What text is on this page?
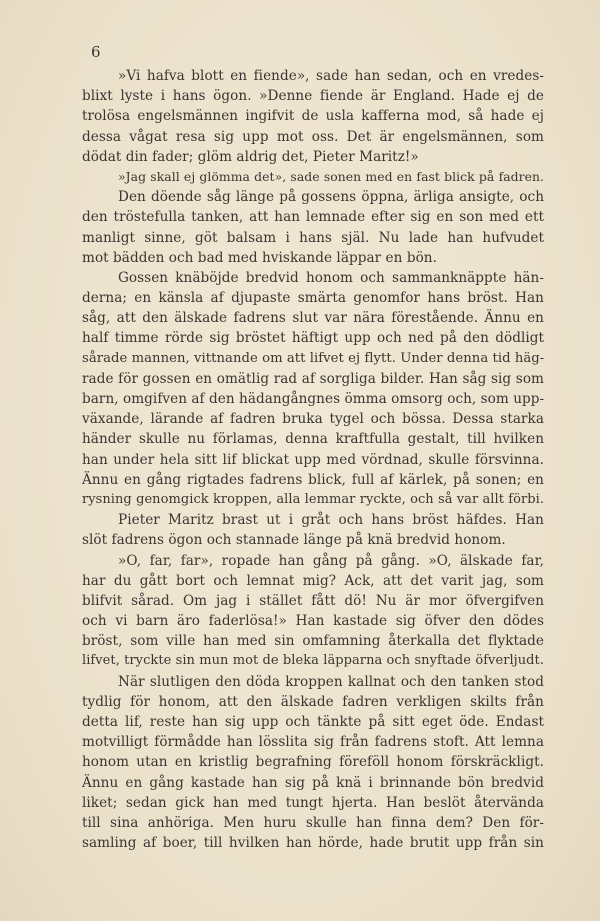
6
»Vi hafva blott en fiende», sade han sedan, och en vredes-
blixt lyste i hans ögon. »Denne fiende är England. Hade ej de
trolösa engelsmännen ingifvit de usla kafferna mod, så hade ej
dessa vågat resa sig upp mot oss. Det är engelsmännen, som
dödat din fader; glöm aldrig det, Pieter Maritz!»
»Jag skall ej glömma det», sade sonen med en fast blick på fadren.
Den döende såg länge på gossens öppna, ärliga ansigte, och
den tröstefulla tanken, att han lemnade efter sig en son med ett
manligt sinne, göt balsam i hans själ. Nu lade han hufvudet
mot bädden och bad med hviskande läppar en bön.
Gossen knäböjde bredvid honom och sammanknäppte hän-
derna; en känsla af djupaste smärta genomfor hans bröst. Han
såg, att den älskade fadrens slut var nära förestående. Ännu en
half timme rörde sig bröstet häftigt upp och ned på den dödligt
sårade mannen, vittnande om att lifvet ej flytt. Under denna tid häg-
rade för gossen en omätlig rad af sorgliga bilder. Han såg sig som
barn, omgifven af den hädangångnes ömma omsorg och, som upp-
växande, lärande af fadren bruka tygel och bössa. Dessa starka
händer skulle nu förlamas, denna kraftfulla gestalt, till hvilken
han under hela sitt lif blickat upp med vördnad, skulle försvinna.
Ännu en gång rigtades fadrens blick, full af kärlek, på sonen; en
rysning genomgick kroppen, alla lemmar ryckte, och så var allt förbi.
Pieter Maritz brast ut i gråt och hans bröst häfdes. Han
slöt fadrens ögon och stannade länge på knä bredvid honom.
»O, far, far», ropade han gång på gång. »O, älskade far,
har du gått bort och lemnat mig? Ack, att det varit jag, som
blifvit sårad. Om jag i stället fått dö! Nu är mor öfvergifven
och vi barn äro faderlösa!» Han kastade sig öfver den dödes
bröst, som ville han med sin omfamning återkalla det flyktade
lifvet, tryckte sin mun mot de bleka läpparna och snyftade öfverljudt.
När slutligen den döda kroppen kallnat och den tanken stod
tydlig för honom, att den älskade fadren verkligen skilts från
detta lif, reste han sig upp och tänkte på sitt eget öde. Endast
motvilligt förmådde han lösslita sig från fadrens stoft. Att lemna
honom utan en kristlig begrafning föreföll honom förskräckligt.
Ännu en gång kastade han sig på knä i brinnande bön bredvid
liket; sedan gick han med tungt hjerta. Han beslöt återvända
till sina anhöriga. Men huru skulle han finna dem? Den för-
samling af boer, till hvilken han hörde, hade brutit upp från sin
